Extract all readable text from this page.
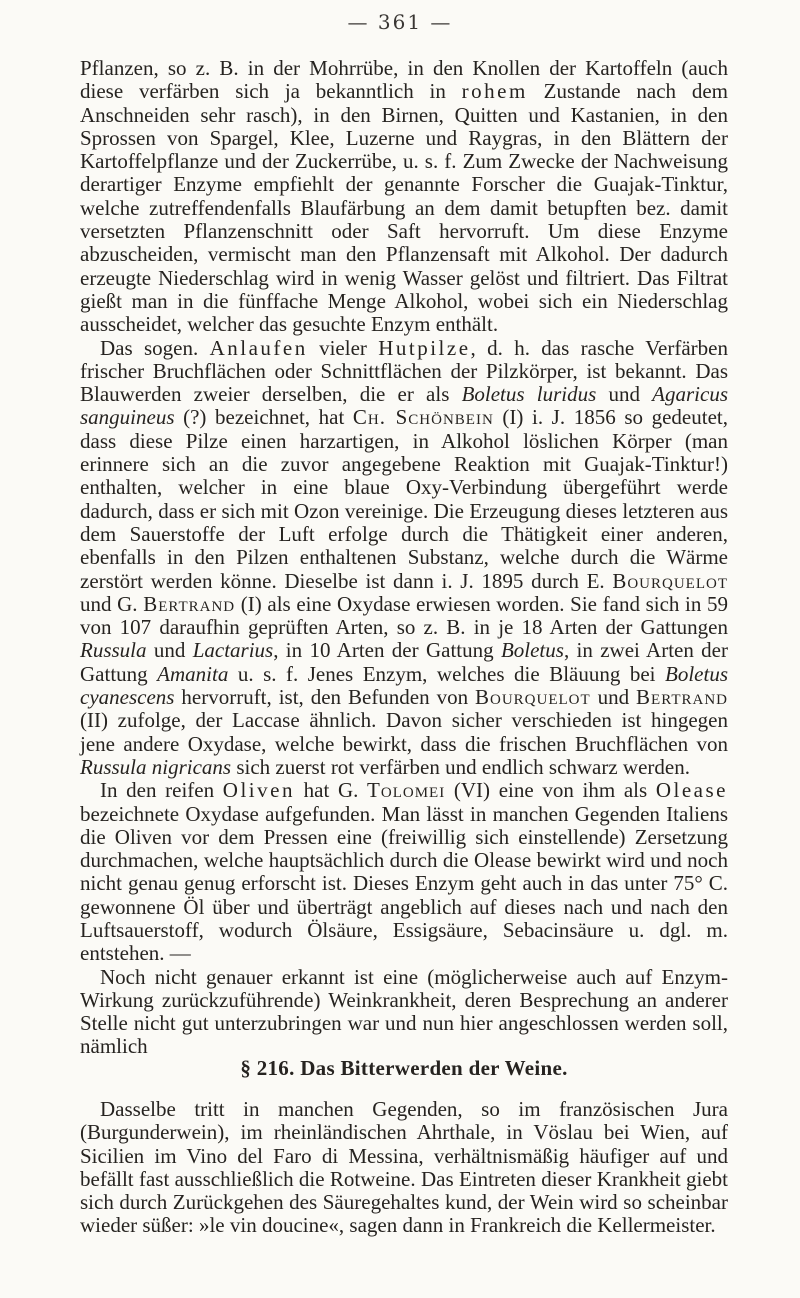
— 361 —

Pflanzen, so z. B. in der Mohrrübe, in den Knollen der Kartoffeln (auch diese verfärben sich ja bekanntlich in rohem Zustande nach dem Anschneiden sehr rasch), in den Birnen, Quitten und Kastanien, in den Sprossen von Spargel, Klee, Luzerne und Raygras, in den Blättern der Kartoffelpflanze und der Zuckerrübe, u. s. f. Zum Zwecke der Nachweisung derartiger Enzyme empfiehlt der genannte Forscher die Guajak-Tinktur, welche zutreffendenfalls Blaufärbung an dem damit betupften bez. damit versetzten Pflanzenschnitt oder Saft hervorruft. Um diese Enzyme abzuscheiden, vermischt man den Pflanzensaft mit Alkohol. Der dadurch erzeugte Niederschlag wird in wenig Wasser gelöst und filtriert. Das Filtrat gießt man in die fünffache Menge Alkohol, wobei sich ein Niederschlag ausscheidet, welcher das gesuchte Enzym enthält.

Das sogen. Anlaufen vieler Hutpilze, d. h. das rasche Verfärben frischer Bruchflächen oder Schnittflächen der Pilzkörper, ist bekannt. Das Blauwerden zweier derselben, die er als Boletus luridus und Agaricus sanguineus (?) bezeichnet, hat Ch. Schönbein (I) i. J. 1856 so gedeutet, dass diese Pilze einen harzartigen, in Alkohol löslichen Körper (man erinnere sich an die zuvor angegebene Reaktion mit Guajak-Tinktur!) enthalten, welcher in eine blaue Oxy-Verbindung übergeführt werde dadurch, dass er sich mit Ozon vereinige. Die Erzeugung dieses letzteren aus dem Sauerstoffe der Luft erfolge durch die Thätigkeit einer anderen, ebenfalls in den Pilzen enthaltenen Substanz, welche durch die Wärme zerstört werden könne. Dieselbe ist dann i. J. 1895 durch E. Bourquelot und G. Bertrand (I) als eine Oxydase erwiesen worden. Sie fand sich in 59 von 107 daraufhin geprüften Arten, so z. B. in je 18 Arten der Gattungen Russula und Lactarius, in 10 Arten der Gattung Boletus, in zwei Arten der Gattung Amanita u. s. f. Jenes Enzym, welches die Bläuung bei Boletus cyanescens hervorruft, ist, den Befunden von Bourquelot und Bertrand (II) zufolge, der Laccase ähnlich. Davon sicher verschieden ist hingegen jene andere Oxydase, welche bewirkt, dass die frischen Bruchflächen von Russula nigricans sich zuerst rot verfärben und endlich schwarz werden.

In den reifen Oliven hat G. Tolomei (VI) eine von ihm als Olease bezeichnete Oxydase aufgefunden. Man lässt in manchen Gegenden Italiens die Oliven vor dem Pressen eine (freiwillig sich einstellende) Zersetzung durchmachen, welche hauptsächlich durch die Olease bewirkt wird und noch nicht genau genug erforscht ist. Dieses Enzym geht auch in das unter 75° C. gewonnene Öl über und überträgt angeblich auf dieses nach und nach den Luftsauerstoff, wodurch Ölsäure, Essigsäure, Sebacinsäure u. dgl. m. entstehen. —

Noch nicht genauer erkannt ist eine (möglicherweise auch auf Enzym-Wirkung zurückzuführende) Weinkrankheit, deren Besprechung an anderer Stelle nicht gut unterzubringen war und nun hier angeschlossen werden soll, nämlich

§ 216. Das Bitterwerden der Weine.

Dasselbe tritt in manchen Gegenden, so im französischen Jura (Burgunderwein), im rheinländischen Ahrthale, in Vöslau bei Wien, auf Sicilien im Vino del Faro di Messina, verhältnismäßig häufiger auf und befällt fast ausschließlich die Rotweine. Das Eintreten dieser Krankheit giebt sich durch Zurückgehen des Säuregehaltes kund, der Wein wird so scheinbar wieder süßer: »le vin doucine«, sagen dann in Frankreich die Kellermeister.
